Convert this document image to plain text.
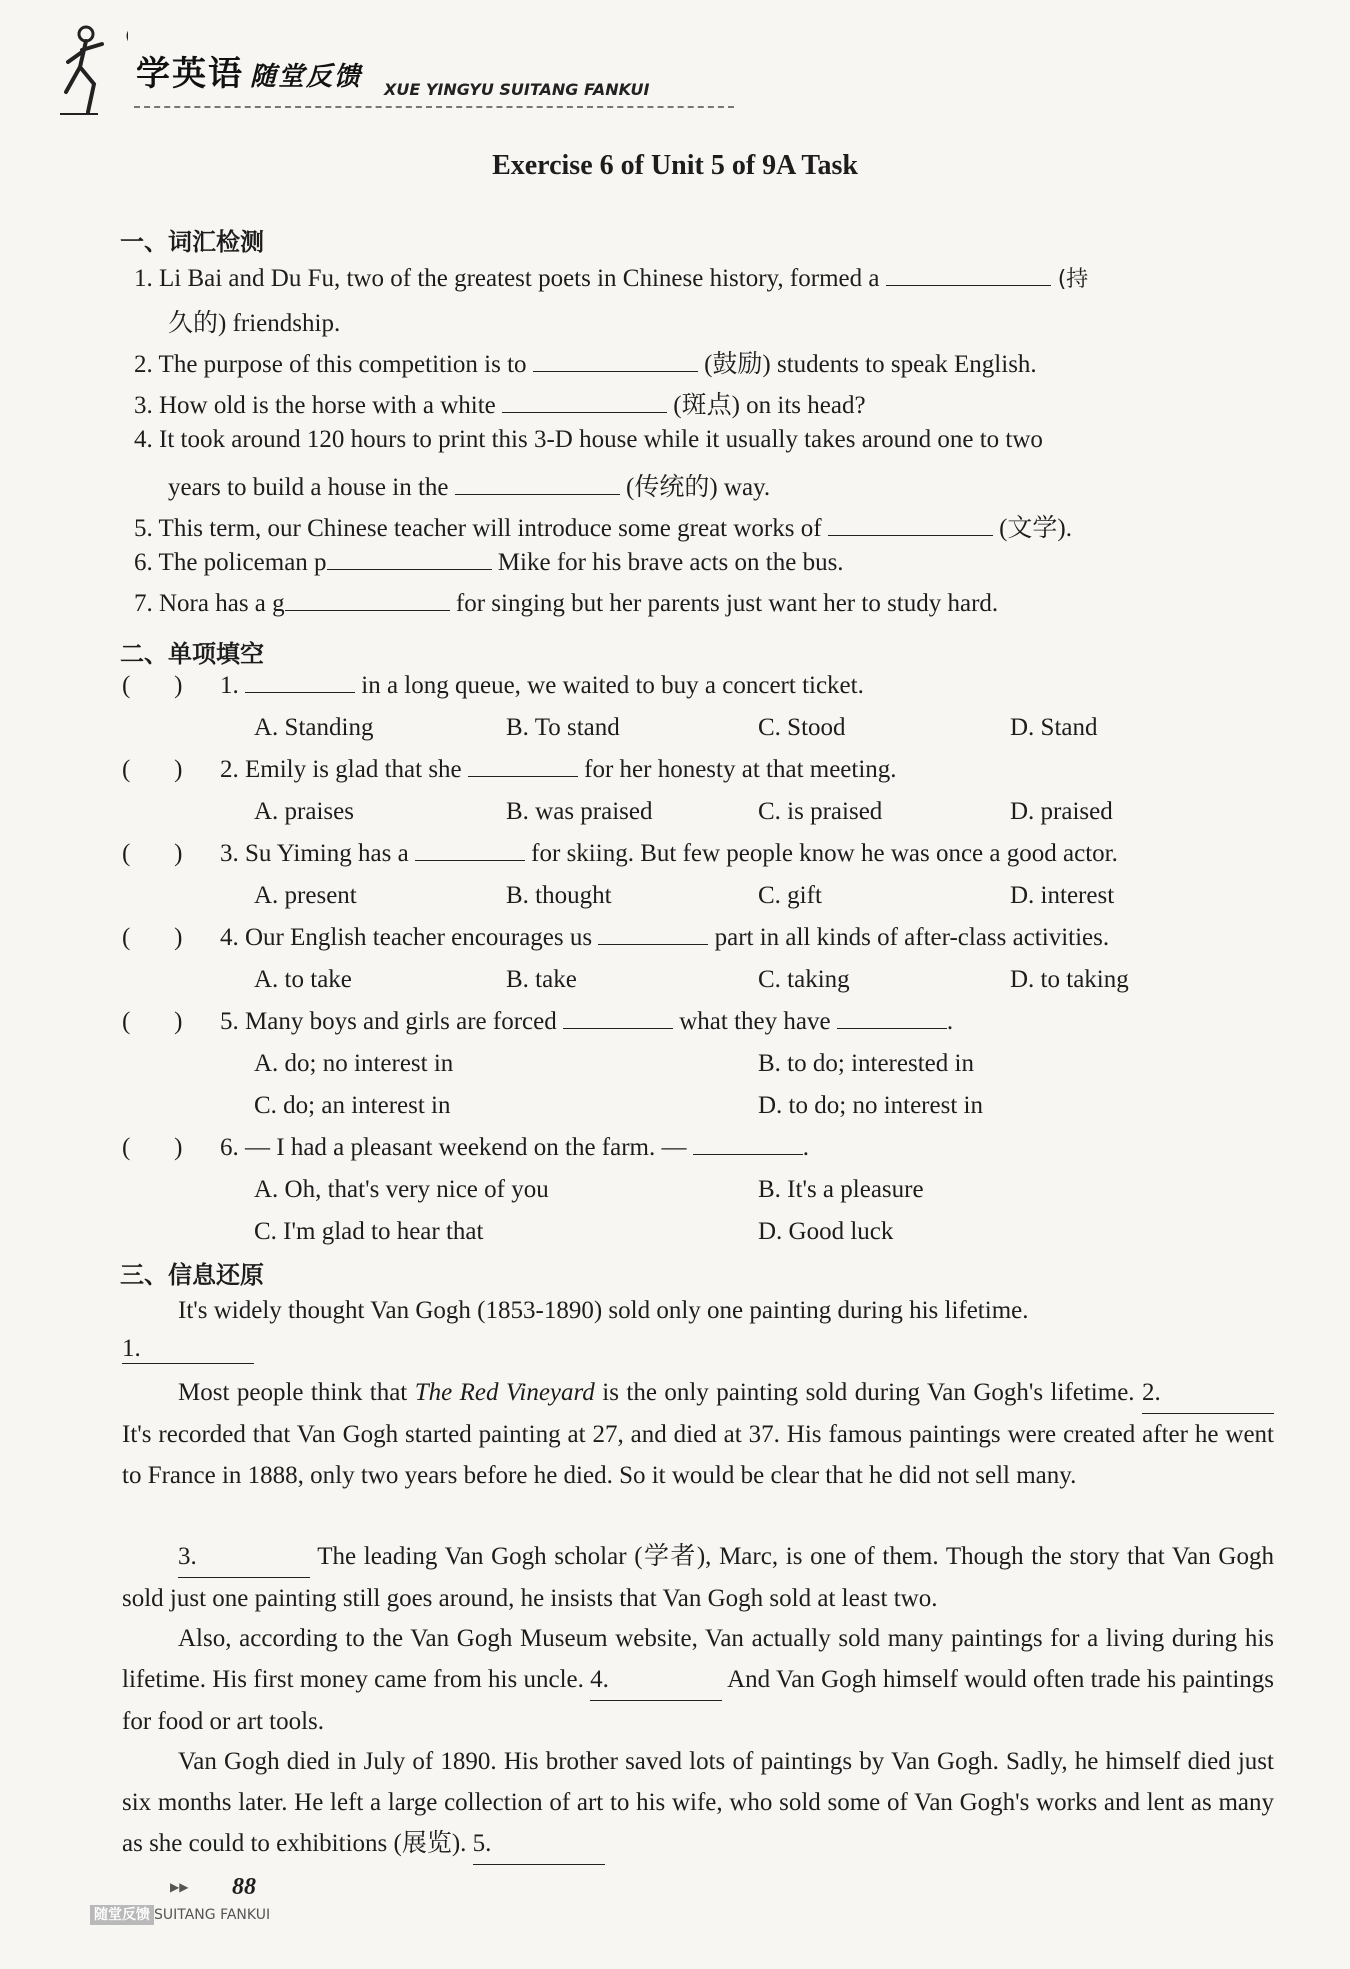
学英语 随堂反馈 XUE YINGYU SUITANG FANKUI
Exercise 6 of Unit 5 of 9A Task
一、词汇检测
1. Li Bai and Du Fu, two of the greatest poets in Chinese history, formed a	(持
久的) friendship.
2. The purpose of this competition is to	(鼓励) students to speak English.
3. How old is the horse with a white	(斑点) on its head?
4. It took around 120 hours to print this 3-D house while it usually takes around one to two
years to build a house in the	(传统的) way.
5. This term, our Chinese teacher will introduce some great works of	(文学).
6. The policeman p	Mike for his brave acts on the bus.
7. Nora has a g	for singing but her parents just want her to study hard.
二、单项填空
(       ) 1.	in a long queue, we waited to buy a concert ticket.
A. Standing	B. To stand	C. Stood	D. Stand
(       ) 2. Emily is glad that she	for her honesty at that meeting.
A. praises	B. was praised	C. is praised	D. praised
(       ) 3. Su Yiming has a	for skiing. But few people know he was once a good actor.
A. present	B. thought	C. gift	D. interest
(       ) 4. Our English teacher encourages us	part in all kinds of after-class activities.
A. to take	B. take	C. taking	D. to taking
(       ) 5. Many boys and girls are forced	what they have	.
A. do; no interest in	B. to do; interested in
C. do; an interest in	D. to do; no interest in
(       ) 6. — I had a pleasant weekend on the farm. —	.
A. Oh, that's very nice of you	B. It's a pleasure
C. I'm glad to hear that	D. Good luck
三、信息还原
It's widely thought Van Gogh (1853-1890) sold only one painting during his lifetime.
1.
Most people think that The Red Vineyard is the only painting sold during Van Gogh's lifetime. 2. It's recorded that Van Gogh started painting at 27, and died at 37. His famous paintings were created after he went to France in 1888, only two years before he died. So it would be clear that he did not sell many.
3.	The leading Van Gogh scholar (学者), Marc, is one of them. Though the story that Van Gogh sold just one painting still goes around, he insists that Van Gogh sold at least two.
Also, according to the Van Gogh Museum website, Van actually sold many paintings for a living during his lifetime. His first money came from his uncle. 4.	And Van Gogh himself would often trade his paintings for food or art tools.
Van Gogh died in July of 1890. His brother saved lots of paintings by Van Gogh. Sadly, he himself died just six months later. He left a large collection of art to his wife, who sold some of Van Gogh's works and lent as many as she could to exhibitions (展览). 5.
▶▶ 88
随堂反馈 SUITANG FANKUI
